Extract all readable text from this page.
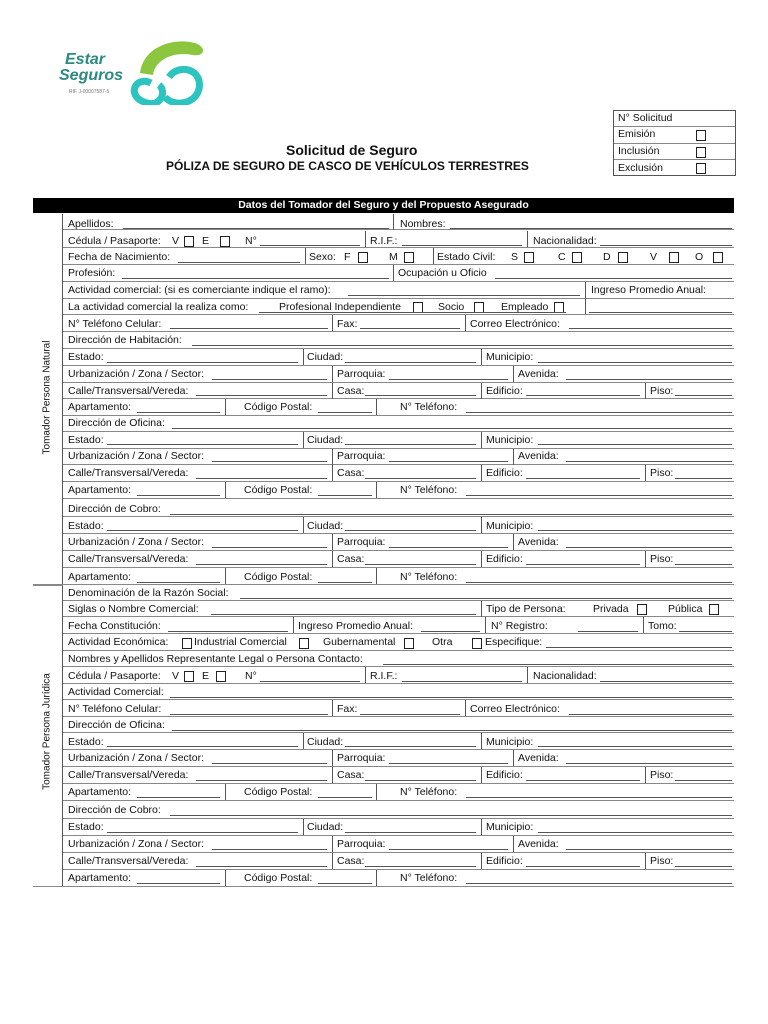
Estar
Seguros
RIF J-00007587-5
N° Solicitud
Emisión
Inclusión
Exclusión
Solicitud de Seguro
PÓLIZA DE SEGURO DE CASCO DE VEHÍCULOS TERRESTRES
Datos del Tomador del Seguro y del Propuesto Asegurado
Tomador Persona Natural
Tomador Persona Jurídica
Apellidos:	Nombres:
Cédula / Pasaporte: V E	N°	R.I.F.:	Nacionalidad:
Fecha de Nacimiento:	Sexo: F	M	Estado Civil: S	C	D	V	O
Profesión:	Ocupación u Oficio
Actividad comercial: (si es comerciante indique el ramo):	Ingreso Promedio Anual:
La actividad comercial la realiza como:	Profesional Independiente	Socio	Empleado
N° Teléfono Celular:	Fax:	Correo Electrónico:
Dirección de Habitación:
Estado:	Ciudad:	Municipio:
Urbanización / Zona / Sector:	Parroquia:	Avenida:
Calle/Transversal/Vereda:	Casa:	Edificio:	Piso:
Apartamento:	Código Postal:	N° Teléfono:
Dirección de Oficina:
Estado:	Ciudad:	Municipio:
Urbanización / Zona / Sector:	Parroquia:	Avenida:
Calle/Transversal/Vereda:	Casa:	Edificio:	Piso:
Apartamento:	Código Postal:	N° Teléfono:
Dirección de Cobro:
Estado:	Ciudad:	Municipio:
Urbanización / Zona / Sector:	Parroquia:	Avenida:
Calle/Transversal/Vereda:	Casa:	Edificio:	Piso:
Apartamento:	Código Postal:	N° Teléfono:
Denominación de la Razón Social:
Siglas o Nombre Comercial:	Tipo de Persona:	Privada	Pública
Fecha Constitución:	Ingreso Promedio Anual:	N° Registro:	Tomo:
Actividad Económica: Industrial Comercial	Gubernamental	Otra	Especifique:
Nombres y Apellidos Representante Legal o Persona Contacto:
Cédula / Pasaporte: V E	N°	R.I.F.:	Nacionalidad:
Actividad Comercial:
N° Teléfono Celular:	Fax:	Correo Electrónico:
Dirección de Oficina:
Estado:	Ciudad:	Municipio:
Urbanización / Zona / Sector:	Parroquia:	Avenida:
Calle/Transversal/Vereda:	Casa:	Edificio:	Piso:
Apartamento:	Código Postal:	N° Teléfono:
Dirección de Cobro:
Estado:	Ciudad:	Municipio:
Urbanización / Zona / Sector:	Parroquia:	Avenida:
Calle/Transversal/Vereda:	Casa:	Edificio:	Piso:
Apartamento:	Código Postal:	N° Teléfono:
